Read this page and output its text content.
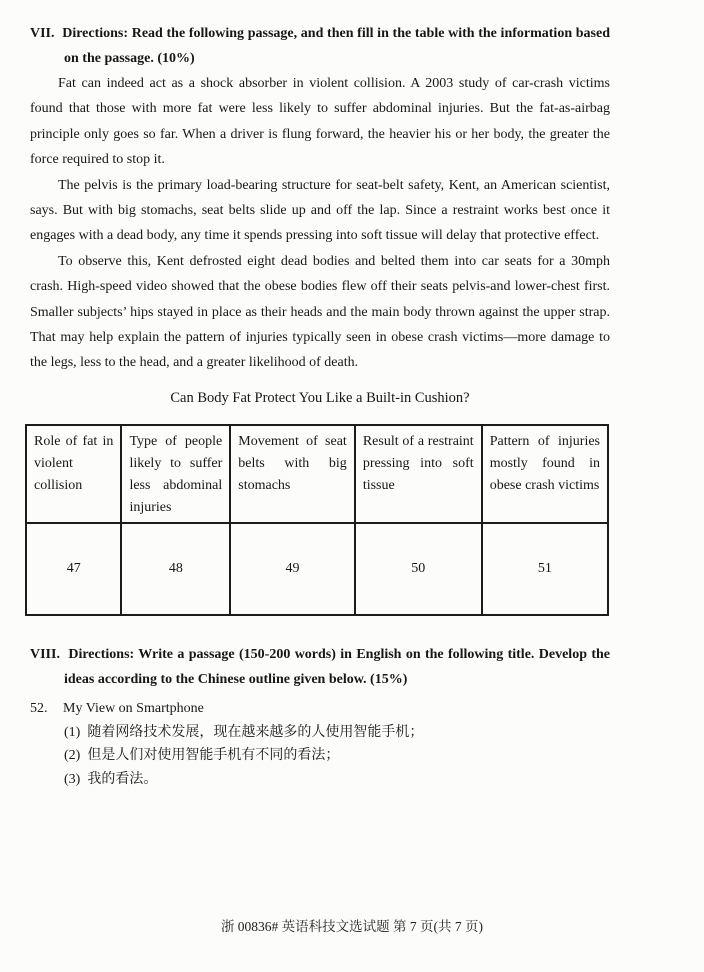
VII. Directions: Read the following passage, and then fill in the table with the information based on the passage. (10%)

Fat can indeed act as a shock absorber in violent collision. A 2003 study of car-crash victims found that those with more fat were less likely to suffer abdominal injuries. But the fat-as-airbag principle only goes so far. When a driver is flung forward, the heavier his or her body, the greater the force required to stop it.

The pelvis is the primary load-bearing structure for seat-belt safety, Kent, an American scientist, says. But with big stomachs, seat belts slide up and off the lap. Since a restraint works best once it engages with a dead body, any time it spends pressing into soft tissue will delay that protective effect.

To observe this, Kent defrosted eight dead bodies and belted them into car seats for a 30mph crash. High-speed video showed that the obese bodies flew off their seats pelvis-and lower-chest first. Smaller subjects’ hips stayed in place as their heads and the main body thrown against the upper strap. That may help explain the pattern of injuries typically seen in obese crash victims—more damage to the legs, less to the head, and a greater likelihood of death.

Can Body Fat Protect You Like a Built-in Cushion?
Role of fat in violent collision	Type of people likely to suffer less abdominal injuries	Movement of seat belts with big stomachs	Result of a restraint pressing into soft tissue	Pattern of injuries mostly found in obese crash victims
47	48	49	50	51

VIII. Directions: Write a passage (150-200 words) in English on the following title. Develop the ideas according to the Chinese outline given below. (15%)

52. My View on Smartphone
(1) 随着网络技术发展，现在越来越多的人使用智能手机；
(2) 但是人们对使用智能手机有不同的看法；
(3) 我的看法。
浙 00836# 英语科技文选试题 第 7 页(共 7 页)
